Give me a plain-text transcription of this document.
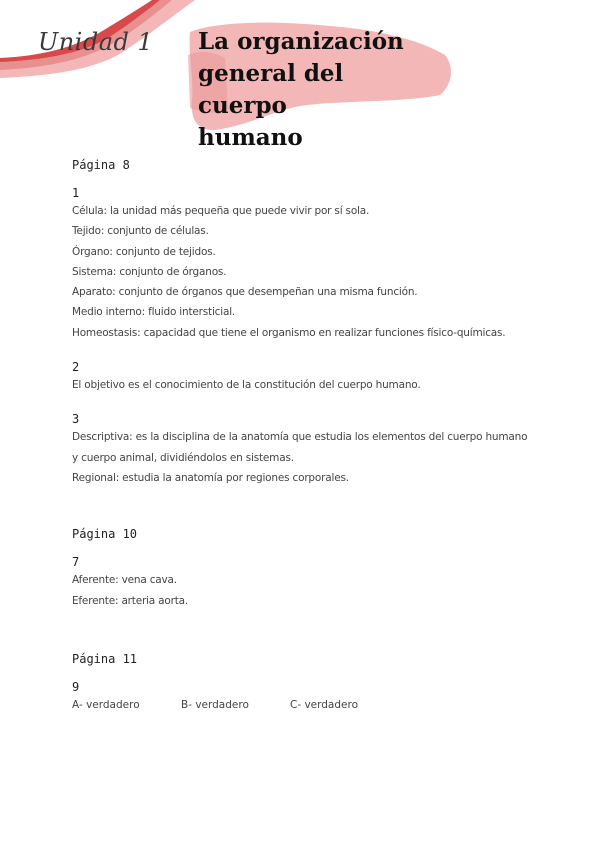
Unidad 1 La organización
general del cuerpo
humano
Página 8
1
Célula: la unidad más pequeña que puede vivir por sí sola.
Tejido: conjunto de células.
Órgano: conjunto de tejidos.
Sistema: conjunto de órganos.
Aparato: conjunto de órganos que desempeñan una misma función.
Medio interno: fluido intersticial.
Homeostasis: capacidad que tiene el organismo en realizar funciones físico-químicas.
2
El objetivo es el conocimiento de la constitución del cuerpo humano.
3
Descriptiva: es la disciplina de la anatomía que estudia los elementos del cuerpo humano
y cuerpo animal, dividiéndolos en sistemas.
Regional: estudia la anatomía por regiones corporales.
Página 10
7
Aferente: vena cava.
Eferente: arteria aorta.
Página 11
9
A- verdadero	B- verdadero	C- verdadero
